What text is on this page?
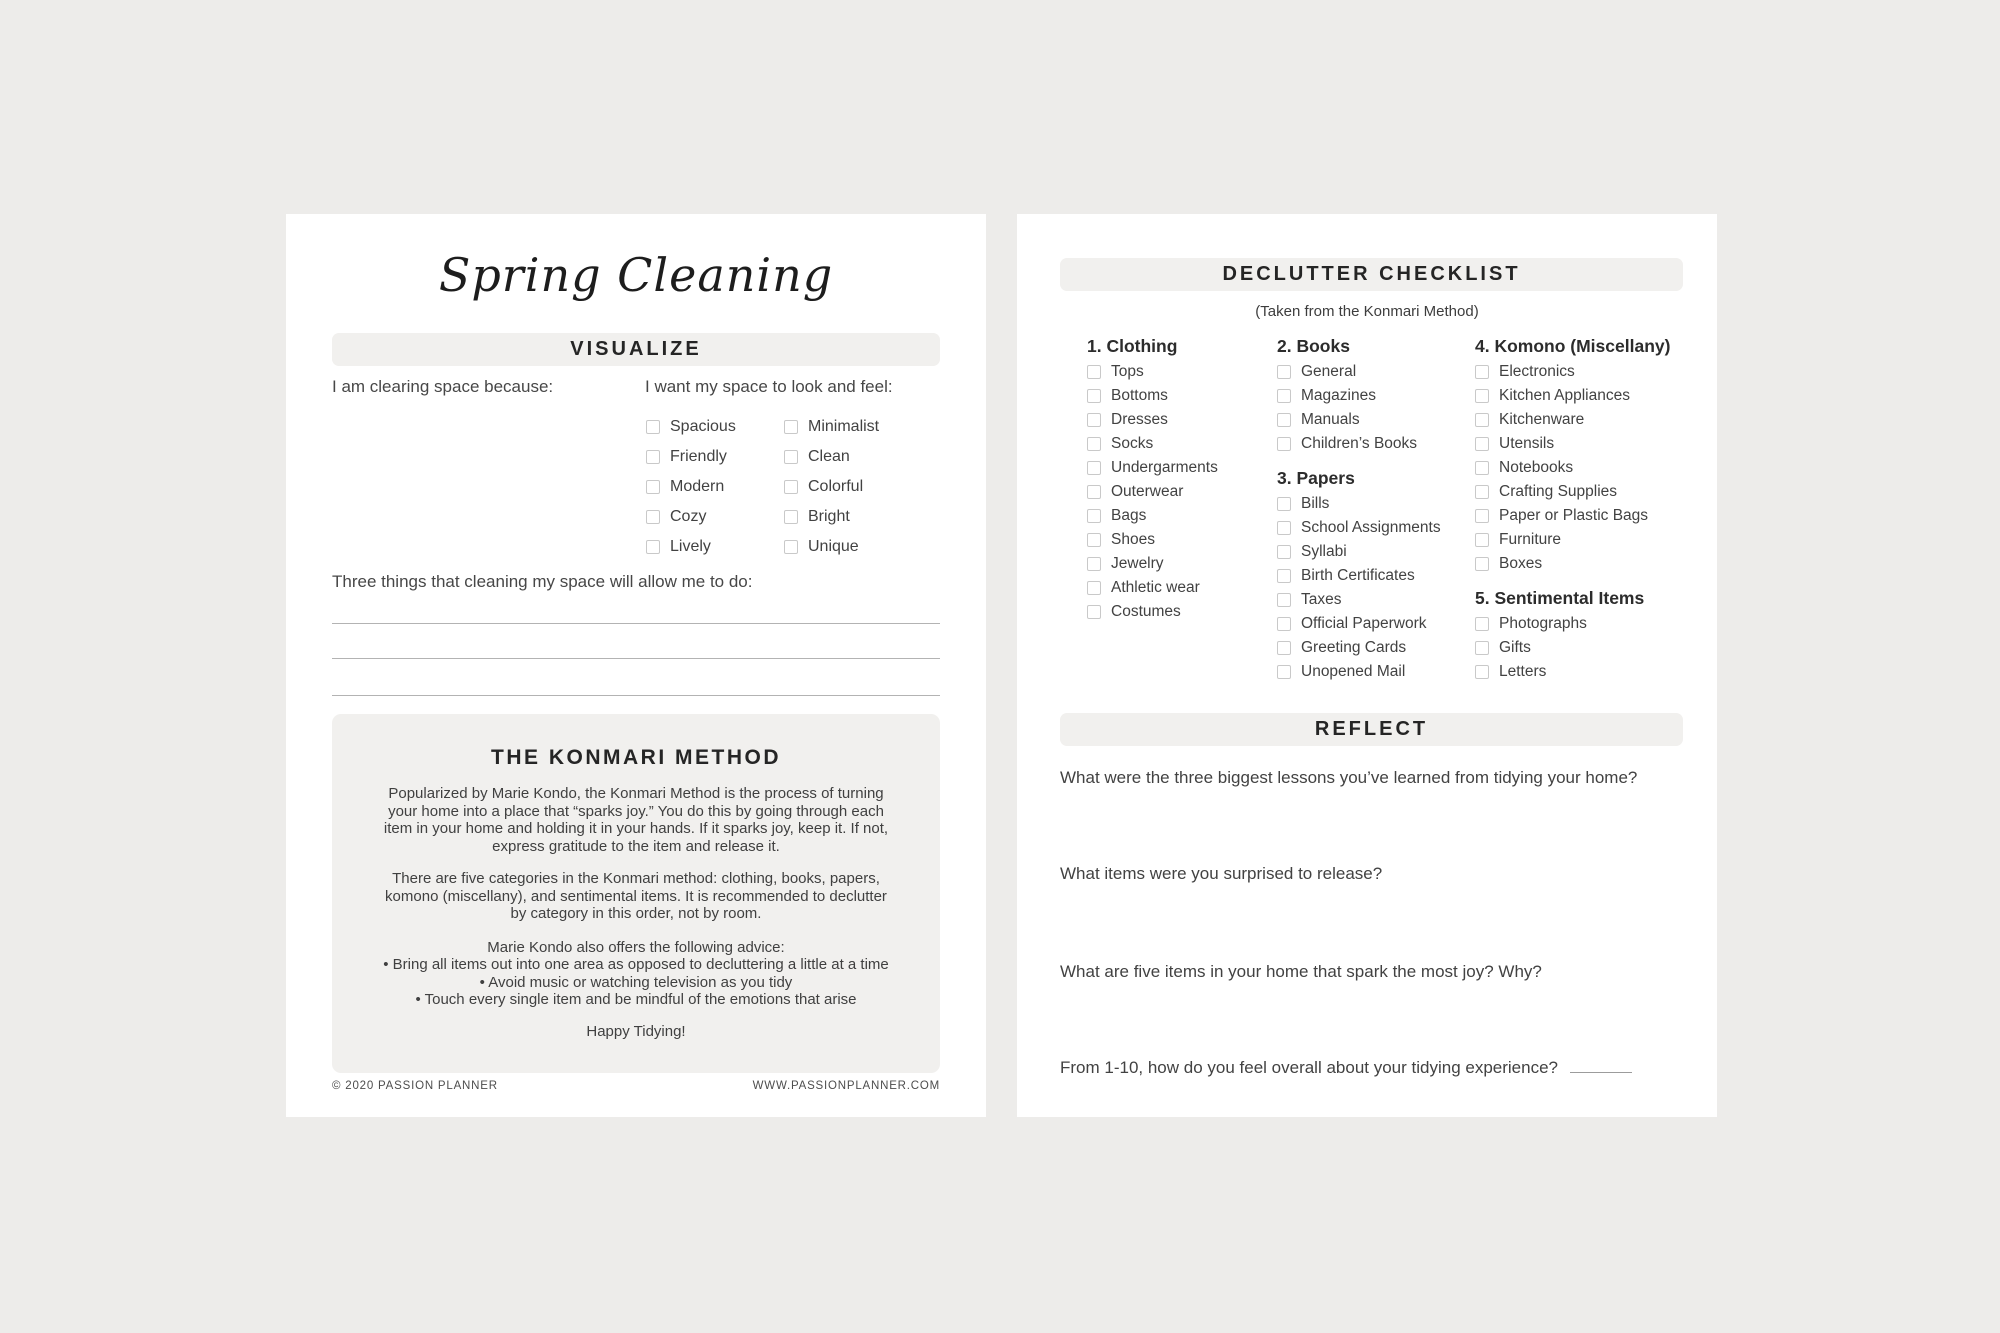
Spring Cleaning
VISUALIZE
I am clearing space because:	I want my space to look and feel:
Spacious
Friendly
Modern
Cozy
Lively
Minimalist
Clean
Colorful
Bright
Unique
Three things that cleaning my space will allow me to do:
THE KONMARI METHOD

Popularized by Marie Kondo, the Konmari Method is the process of turning your home into a place that “sparks joy.” You do this by going through each item in your home and holding it in your hands. If it sparks joy, keep it. If not, express gratitude to the item and release it.

There are five categories in the Konmari method: clothing, books, papers, komono (miscellany), and sentimental items. It is recommended to declutter by category in this order, not by room.

Marie Kondo also offers the following advice:
• Bring all items out into one area as opposed to decluttering a little at a time
• Avoid music or watching television as you tidy
• Touch every single item and be mindful of the emotions that arise
Happy Tidying!
© 2020 PASSION PLANNER	WWW.PASSIONPLANNER.COM
DECLUTTER CHECKLIST
(Taken from the Konmari Method)
1. Clothing
Tops
Bottoms
Dresses
Socks
Undergarments
Outerwear
Bags
Shoes
Jewelry
Athletic wear
Costumes
2. Books
General
Magazines
Manuals
Children’s Books
3. Papers
Bills
School Assignments
Syllabi
Birth Certificates
Taxes
Official Paperwork
Greeting Cards
Unopened Mail
4. Komono (Miscellany)
Electronics
Kitchen Appliances
Kitchenware
Utensils
Notebooks
Crafting Supplies
Paper or Plastic Bags
Furniture
Boxes
5. Sentimental Items
Photographs
Gifts
Letters
REFLECT
What were the three biggest lessons you’ve learned from tidying your home?
What items were you surprised to release?
What are five items in your home that spark the most joy? Why?
From 1-10, how do you feel overall about your tidying experience?
